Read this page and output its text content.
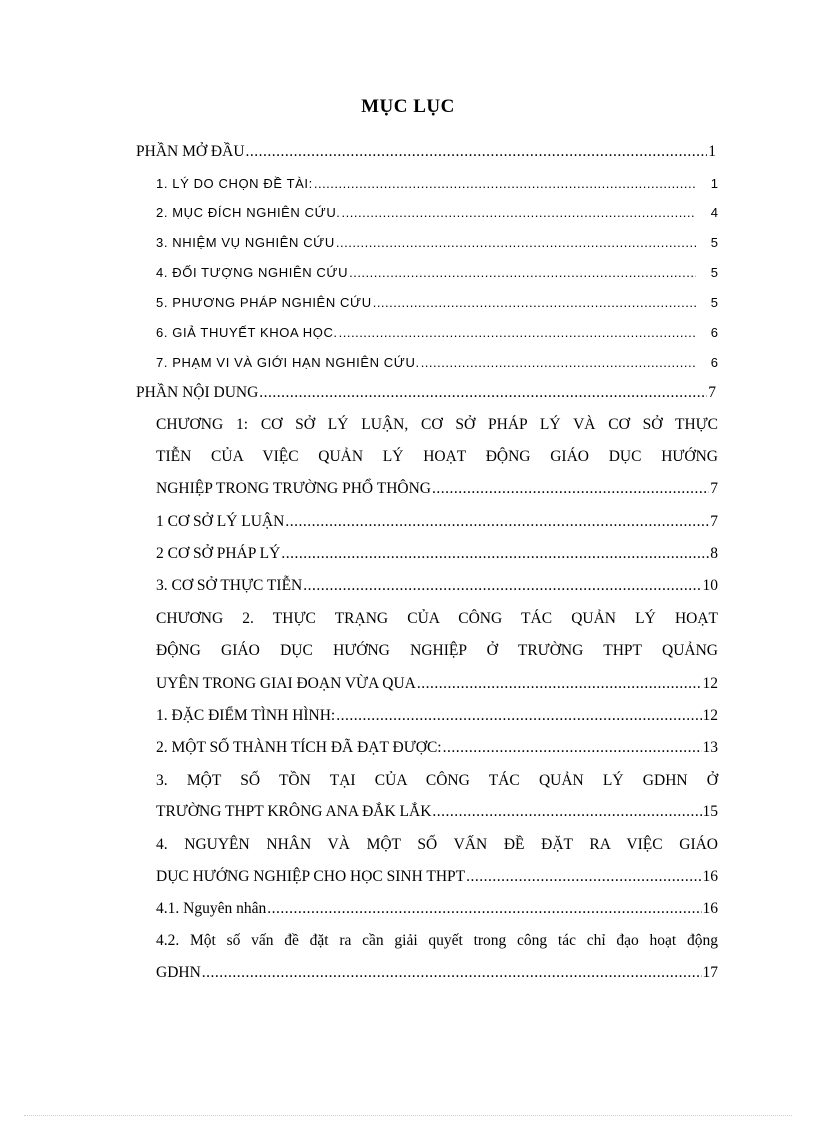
MỤC LỤC
PHẦN MỞ ĐẦU .....	1
1. LÝ DO CHỌN ĐỀ TÀI: .....	1
2. MỤC ĐÍCH NGHIÊN CỨU. .....	4
3. NHIỆM VỤ NGHIÊN CỨU .....	5
4. ĐỐI TƯỢNG NGHIÊN CỨU .....	5
5. PHƯƠNG PHÁP NGHIÊN CỨU .....	5
6. GIẢ THUYẾT KHOA HỌC. .....	6
7. PHẠM VI VÀ GIỚI HẠN NGHIÊN CỨU. .....	6
PHẦN NỘI DUNG .....	7
CHƯƠNG 1: CƠ SỞ LÝ LUẬN, CƠ SỞ PHÁP LÝ VÀ CƠ SỞ THỰC
TIỄN CỦA VIỆC QUẢN LÝ HOẠT ĐỘNG GIÁO DỤC HƯỚNG
NGHIỆP TRONG TRƯỜNG PHỔ THÔNG .....	7
1 CƠ SỞ LÝ LUẬN .....	7
2 CƠ SỞ PHÁP LÝ .....	8
3. CƠ SỞ THỰC TIỄN .....	10
CHƯƠNG 2. THỰC TRẠNG CỦA CÔNG TÁC QUẢN LÝ HOẠT
ĐỘNG GIÁO DỤC HƯỚNG NGHIỆP Ở TRƯỜNG THPT QUẢNG
UYÊN TRONG GIAI ĐOẠN VỪA QUA .....	12
1. ĐẶC ĐIỂM TÌNH HÌNH: .....	12
2. MỘT SỐ THÀNH TÍCH ĐÃ ĐẠT ĐƯỢC: .....	13
3. MỘT SỐ TỒN TẠI CỦA CÔNG TÁC QUẢN LÝ GDHN Ở
TRƯỜNG THPT KRÔNG ANA ĐẮK LẮK .....	15
4. NGUYÊN NHÂN VÀ MỘT SỐ VẤN ĐỀ ĐẶT RA VIỆC GIÁO
DỤC HƯỚNG NGHIỆP CHO HỌC SINH THPT .....	16
4.1. Nguyên nhân .....	16
4.2. Một số vấn đề đặt ra cần giải quyết trong công tác chỉ đạo hoạt động
GDHN .....	17
